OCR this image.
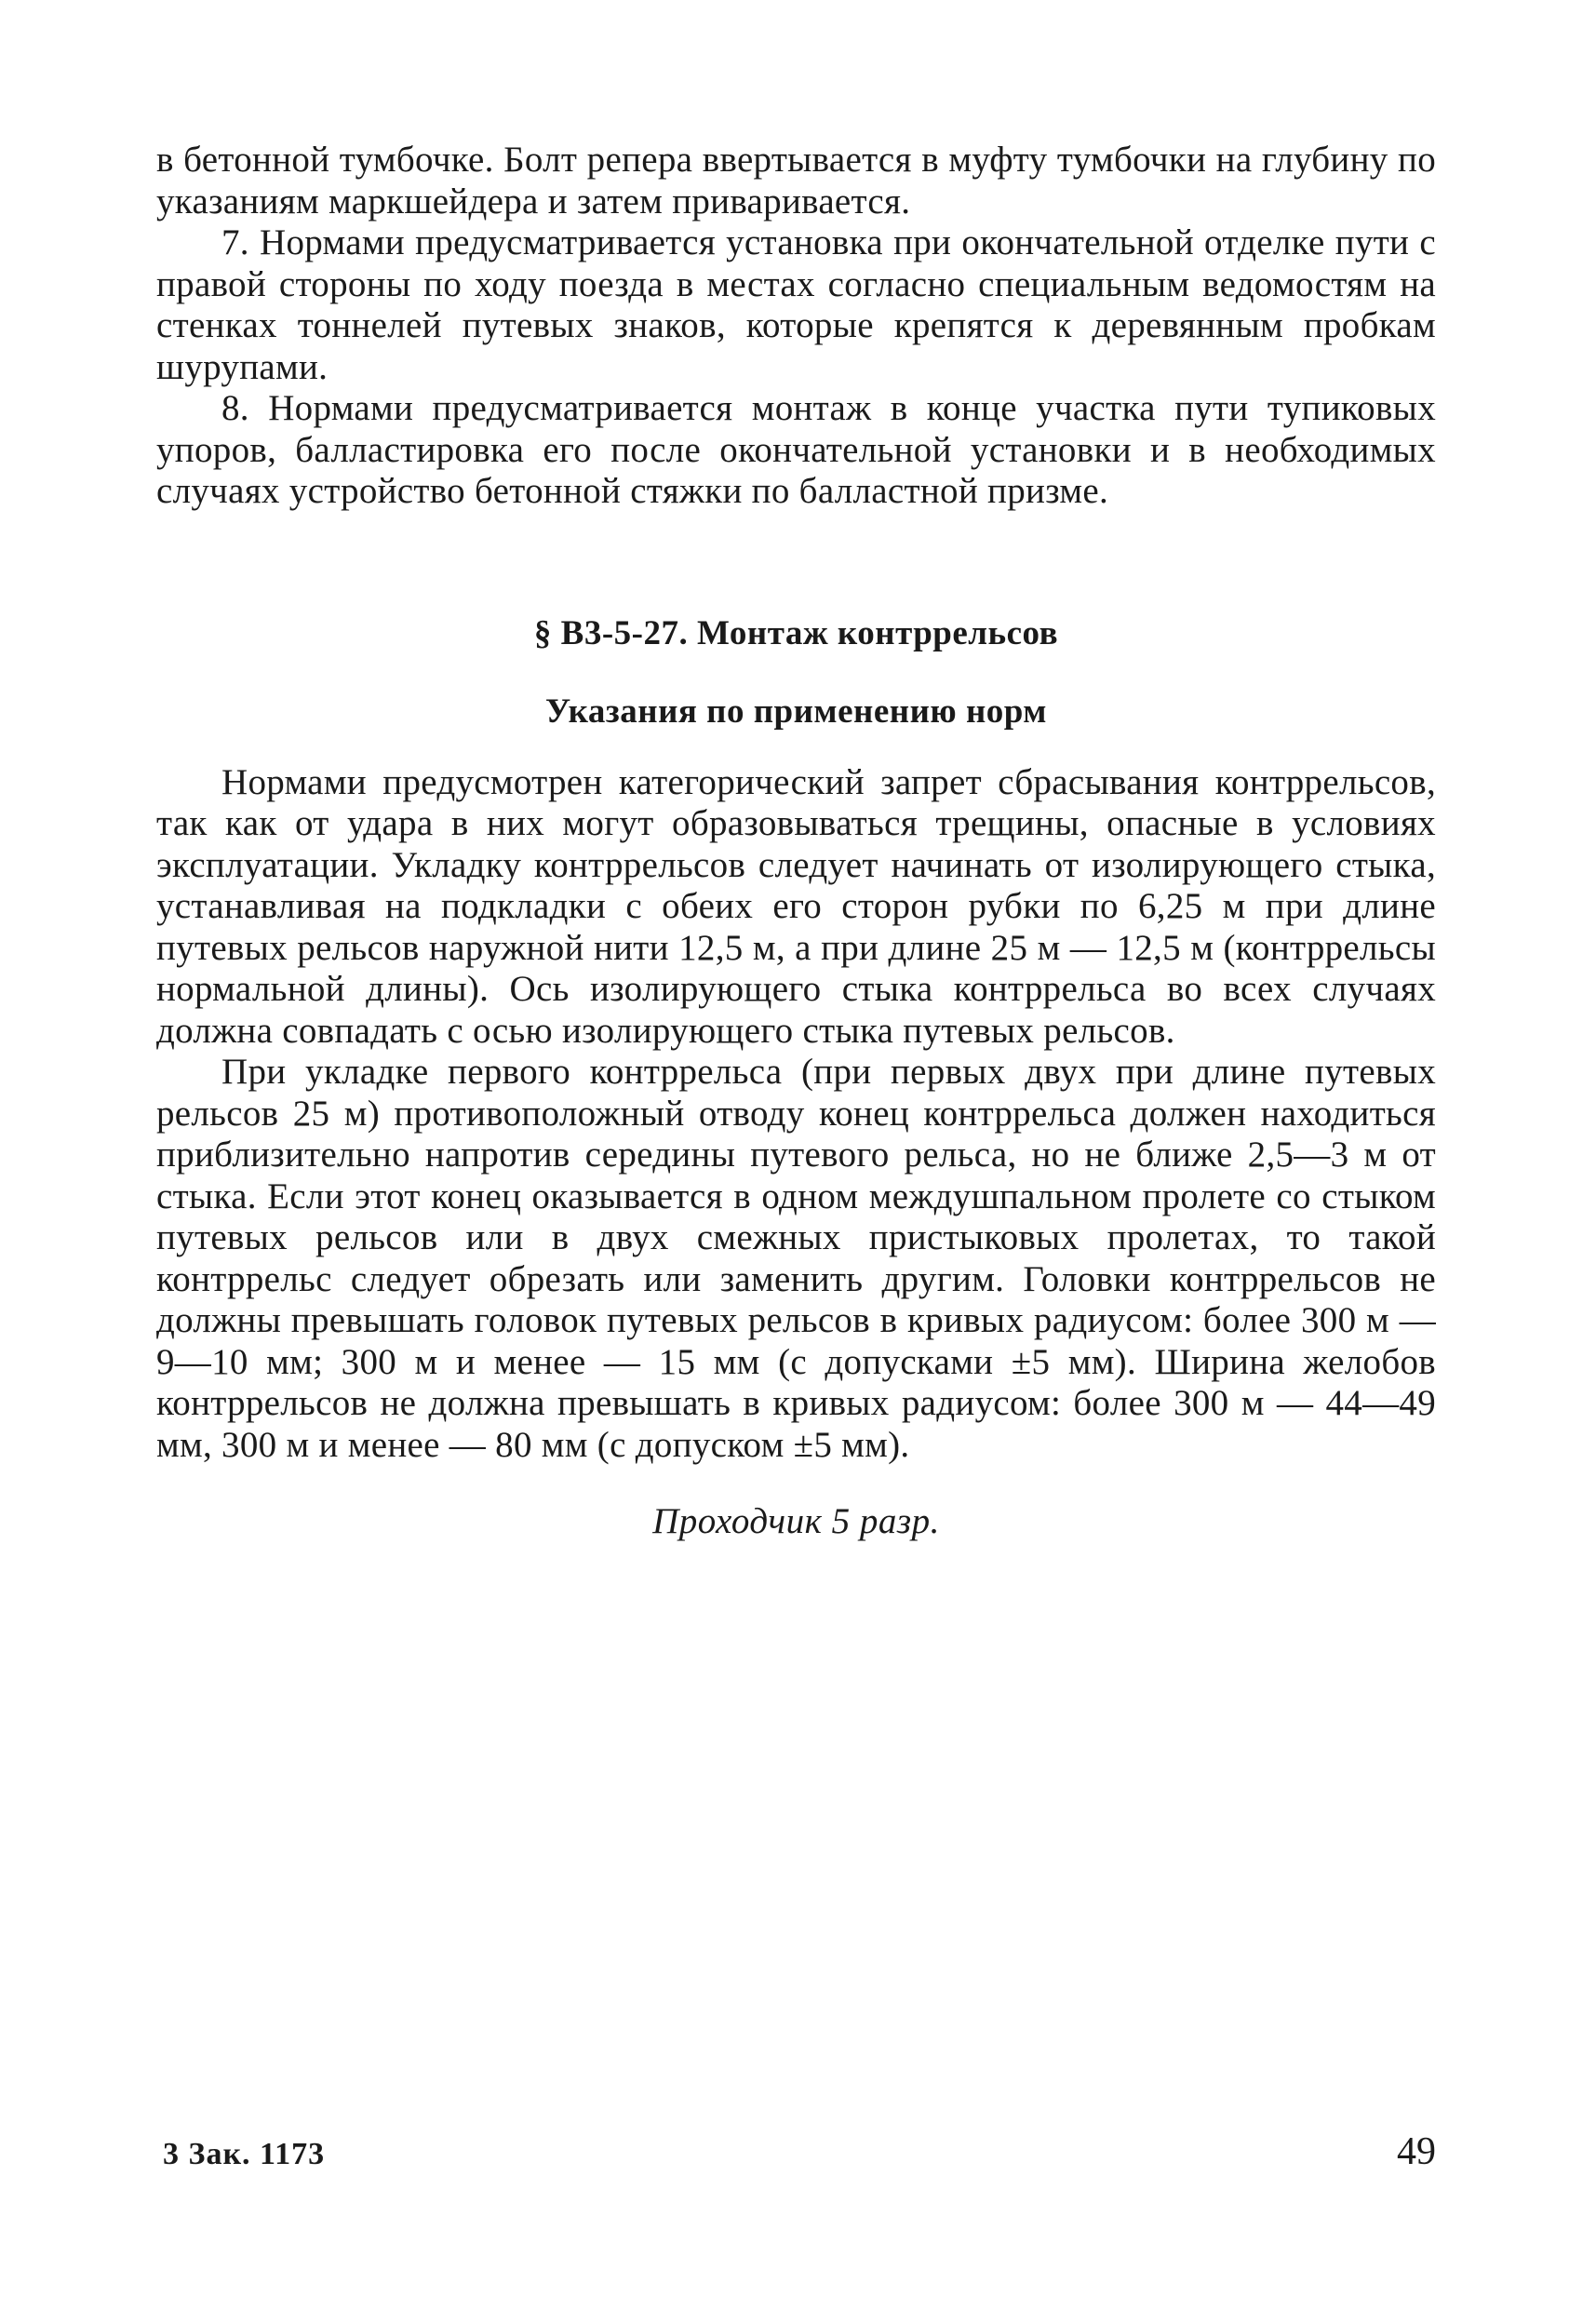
в бетонной тумбочке. Болт репера ввертывается в муфту тумбочки на глубину по указаниям маркшейдера и затем приваривается.

7. Нормами предусматривается установка при окончательной отделке пути с правой стороны по ходу поезда в местах согласно специальным ведомостям на стенках тоннелей путевых знаков, которые крепятся к деревянным пробкам шурупами.

8. Нормами предусматривается монтаж в конце участка пути тупиковых упоров, балластировка его после окончательной установки и в необходимых случаях устройство бетонной стяжки по балластной призме.

§ В3-5-27. Монтаж контррельсов
Указания по применению норм

Нормами предусмотрен категорический запрет сбрасывания контррельсов, так как от удара в них могут образовываться трещины, опасные в условиях эксплуатации. Укладку контррельсов следует начинать от изолирующего стыка, устанавливая на подкладки с обеих его сторон рубки по 6,25 м при длине путевых рельсов наружной нити 12,5 м, а при длине 25 м — 12,5 м (контррельсы нормальной длины). Ось изолирующего стыка контррельса во всех случаях должна совпадать с осью изолирующего стыка путевых рельсов.

При укладке первого контррельса (при первых двух при длине путевых рельсов 25 м) противоположный отводу конец контррельса должен находиться приблизительно напротив середины путевого рельса, но не ближе 2,5—3 м от стыка. Если этот конец оказывается в одном междушпальном пролете со стыком путевых рельсов или в двух смежных пристыковых пролетах, то такой контррельс следует обрезать или заменить другим. Головки контррельсов не должны превышать головок путевых рельсов в кривых радиусом: более 300 м — 9—10 мм; 300 м и менее — 15 мм (с допусками ±5 мм). Ширина желобов контррельсов не должна превышать в кривых радиусом: более 300 м — 44—49 мм, 300 м и менее — 80 мм (с допуском ±5 мм).

Проходчик 5 разр.
3 Зак. 1173	49
